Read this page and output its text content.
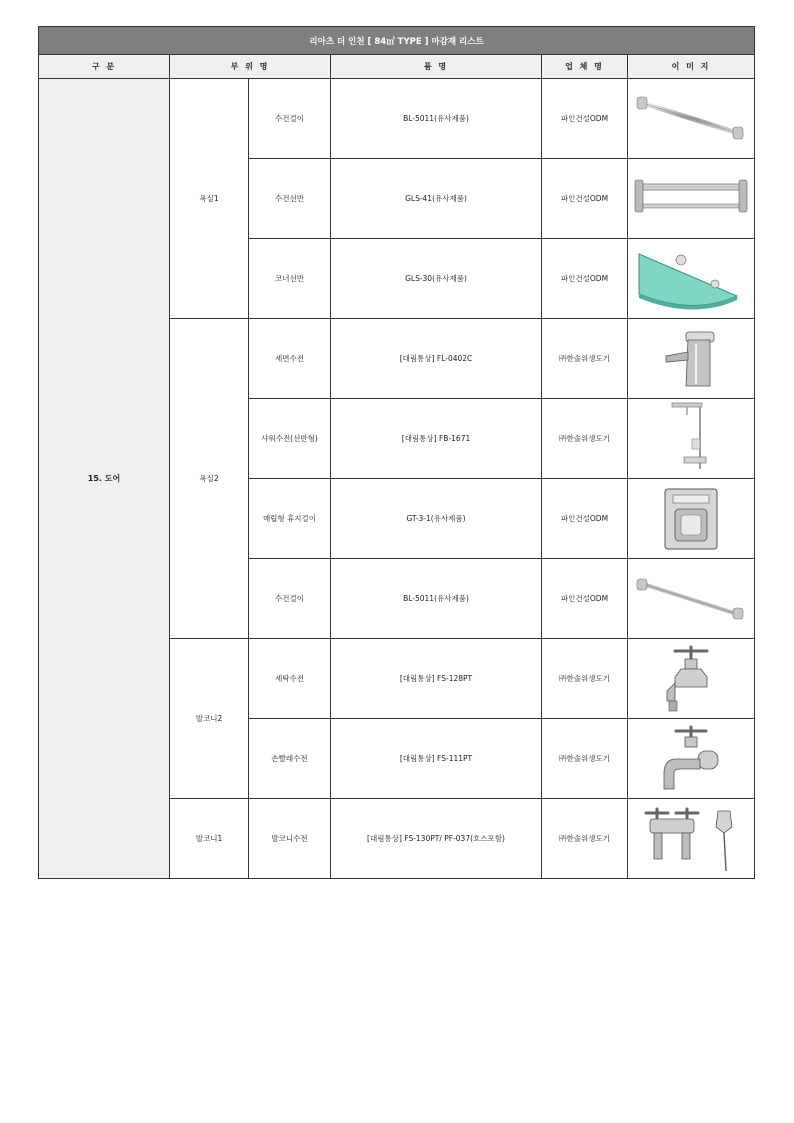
리아츠 더 인천 [ 84㎡ TYPE ] 마감재 리스트					
구 분	부 위 명		품 명	업 체 명	이 미 지
15. 도어	욕실1	수건걸이	BL-5011(유사제품)	파인건설ODM	

		수건선반	GLS-41(유사제품)	파인건설ODM	

		코너선반	GLS-30(유사제품)	파인건설ODM	

	욕실2	세면수전	[대림통상] FL-0402C	㈜한솔위생도기	

		샤워수전(선반형)	[대림통상] FB-1671	㈜한솔위생도기	

		매립형 휴지걸이	GT-3-1(유사제품)	파인건설ODM	

		수건걸이	BL-5011(유사제품)	파인건설ODM	

	발코니2	세탁수전	[대림통상] FS-128PT	㈜한솔위생도기	

		손빨래수전	[대림통상] FS-111PT	㈜한솔위생도기	

	발코니1	발코니수전	[대림통상] FS-130PT/ PF-037(호스포함)	㈜한솔위생도기	
